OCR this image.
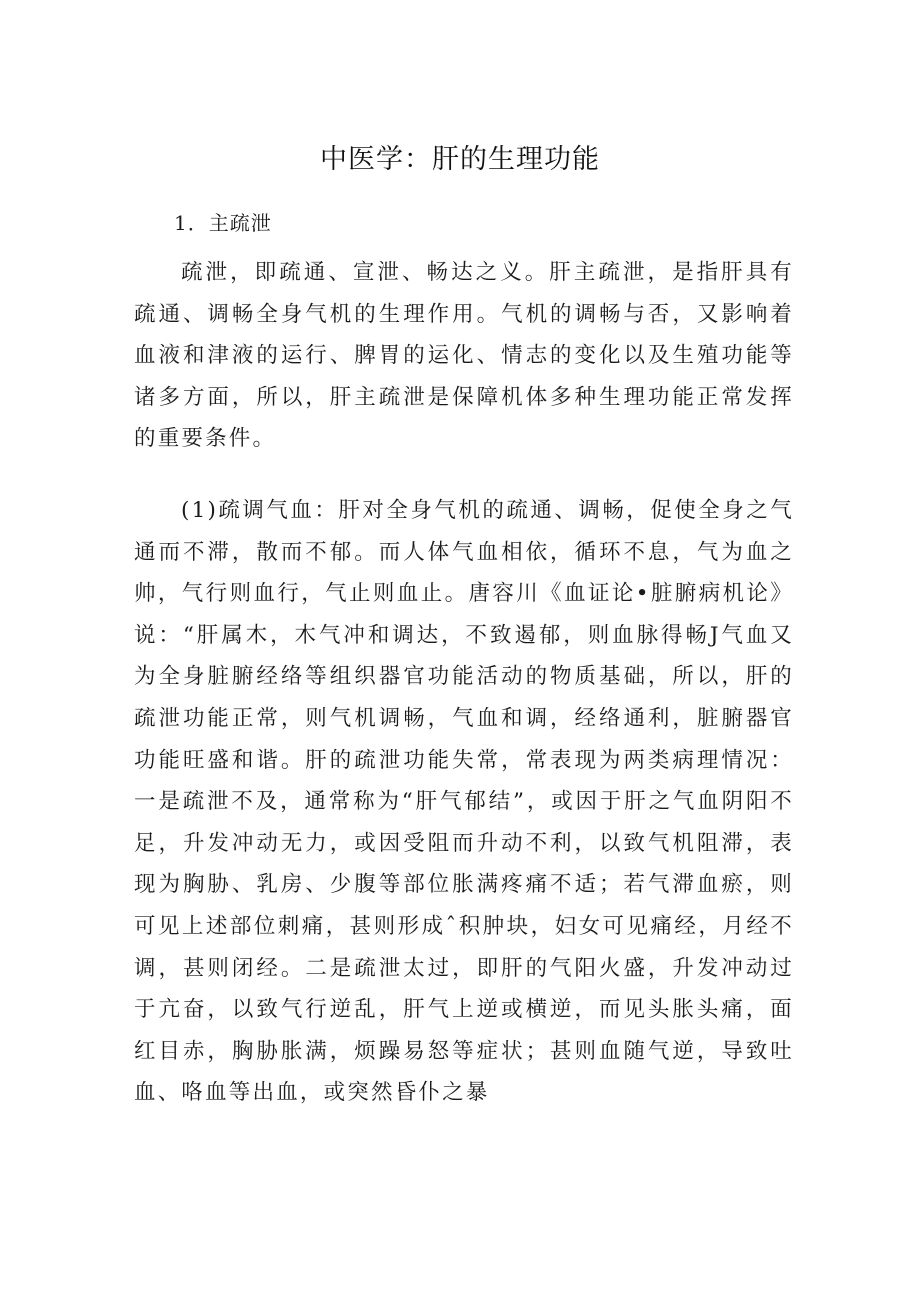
中医学：肝的生理功能

1．主疏泄

疏泄，即疏通、宣泄、畅达之义。肝主疏泄，是指肝具有疏通、调畅全身气机的生理作用。气机的调畅与否，又影响着血液和津液的运行、脾胃的运化、情志的变化以及生殖功能等诸多方面，所以，肝主疏泄是保障机体多种生理功能正常发挥的重要条件。

(1)疏调气血：肝对全身气机的疏通、调畅，促使全身之气通而不滞，散而不郁。而人体气血相依，循环不息，气为血之帅，气行则血行，气止则血止。唐容川《血证论•脏腑病机论》说：“肝属木，木气冲和调达，不致遏郁，则血脉得畅J气血又为全身脏腑经络等组织器官功能活动的物质基础，所以，肝的疏泄功能正常，则气机调畅，气血和调，经络通利，脏腑器官功能旺盛和谐。肝的疏泄功能失常，常表现为两类病理情况：一是疏泄不及，通常称为“肝气郁结”，或因于肝之气血阴阳不足，升发冲动无力，或因受阻而升动不利，以致气机阻滞，表现为胸胁、乳房、少腹等部位胀满疼痛不适；若气滞血瘀，则可见上述部位刺痛，甚则形成ˆ积肿块，妇女可见痛经，月经不调，甚则闭经。二是疏泄太过，即肝的气阳火盛，升发冲动过于亢奋，以致气行逆乱，肝气上逆或横逆，而见头胀头痛，面红目赤，胸胁胀满，烦躁易怒等症状；甚则血随气逆，导致吐血、咯血等出血，或突然昏仆之暴
